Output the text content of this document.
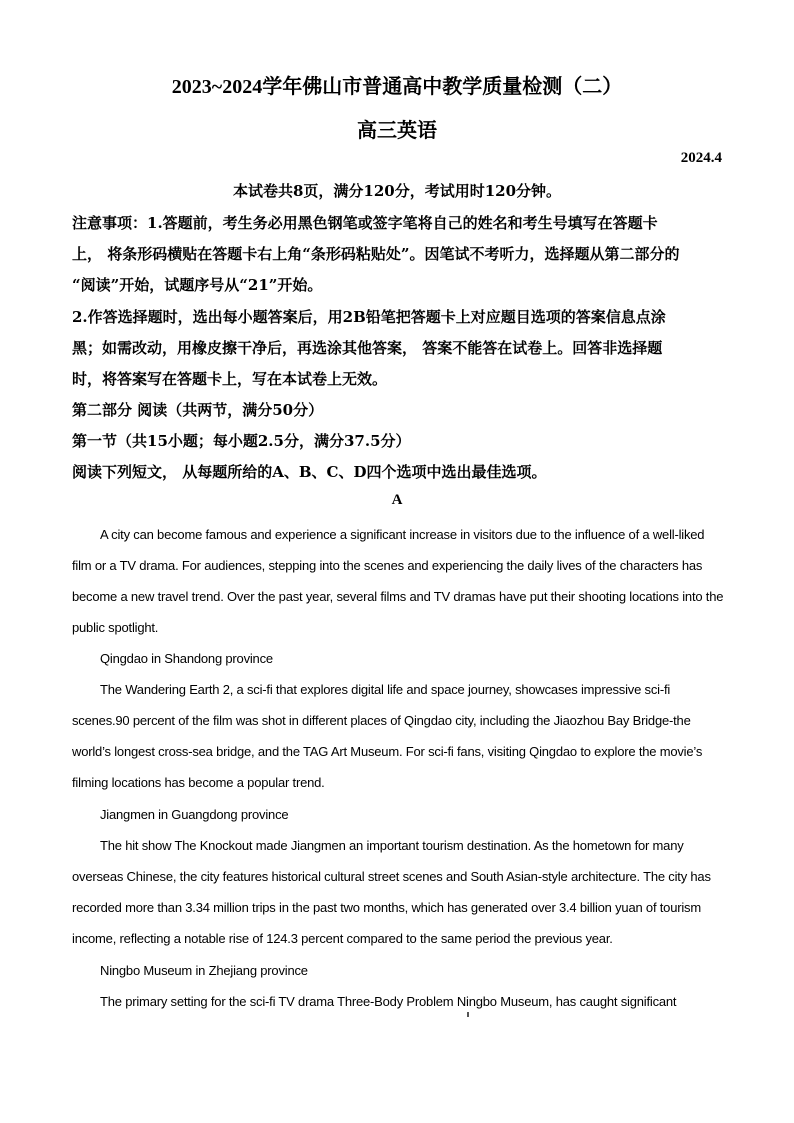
2023~2024学年佛山市普通高中教学质量检测（二）
高三英语
2024.4
本试卷共8页，满分120分，考试用时120分钟。
注意事项：1.答题前，考生务必用黑色钢笔或签字笔将自己的姓名和考生号填写在答题卡
上， 将条形码横贴在答题卡右上角“条形码粘贴处”。因笔试不考听力，选择题从第二部分的
“阅读”开始，试题序号从“21”开始。
2.作答选择题时，选出每小题答案后，用2B铅笔把答题卡上对应题目选项的答案信息点涂
黑；如需改动，用橡皮擦干净后，再选涂其他答案， 答案不能答在试卷上。回答非选择题
时，将答案写在答题卡上，写在本试卷上无效。
第二部分 阅读（共两节，满分50分）
第一节（共15小题；每小题2.5分，满分37.5分）
阅读下列短文， 从每题所给的A、B、C、D四个选项中选出最佳选项。
A
A city can become famous and experience a significant increase in visitors due to the influence of a well-liked film or a TV drama. For audiences, stepping into the scenes and experiencing the daily lives of the characters has become a new travel trend. Over the past year, several films and TV dramas have put their shooting locations into the public spotlight.
Qingdao in Shandong province
The Wandering Earth 2, a sci-fi that explores digital life and space journey, showcases impressive sci-fi scenes.90 percent of the film was shot in different places of Qingdao city, including the Jiaozhou Bay Bridge-the world’s longest cross-sea bridge, and the TAG Art Museum. For sci-fi fans, visiting Qingdao to explore the movie’s filming locations has become a popular trend.
Jiangmen in Guangdong province
The hit show The Knockout made Jiangmen an important tourism destination. As the hometown for many overseas Chinese, the city features historical cultural street scenes and South Asian-style architecture. The city has recorded more than 3.34 million trips in the past two months, which has generated over 3.4 billion yuan of tourism income, reflecting a notable rise of 124.3 percent compared to the same period the previous year.
Ningbo Museum in Zhejiang province
The primary setting for the sci-fi TV drama Three-Body Problem Ningbo Museum, has caught significant
